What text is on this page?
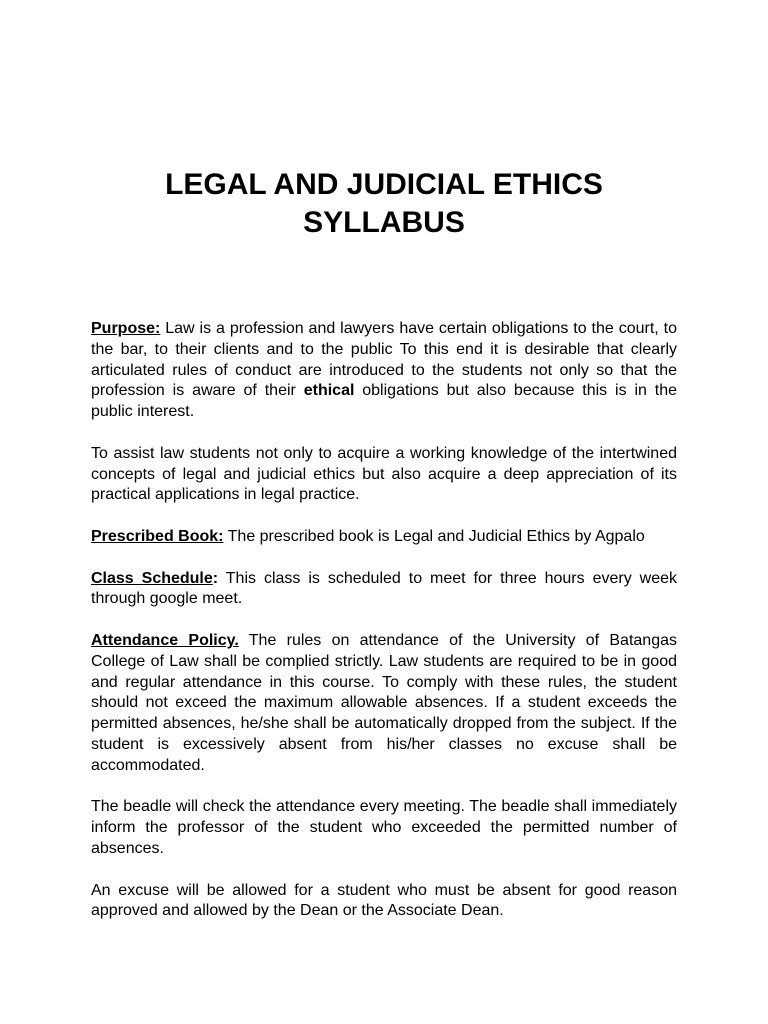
LEGAL AND JUDICIAL ETHICS
SYLLABUS

Purpose: Law is a profession and lawyers have certain obligations to the court, to the bar, to their clients and to the public To this end it is desirable that clearly articulated rules of conduct are introduced to the students not only so that the profession is aware of their ethical obligations but also because this is in the public interest.

To assist law students not only to acquire a working knowledge of the intertwined concepts of legal and judicial ethics but also acquire a deep appreciation of its practical applications in legal practice.

Prescribed Book: The prescribed book is Legal and Judicial Ethics by Agpalo

Class Schedule: This class is scheduled to meet for three hours every week through google meet.

Attendance Policy. The rules on attendance of the University of Batangas College of Law shall be complied strictly. Law students are required to be in good and regular attendance in this course. To comply with these rules, the student should not exceed the maximum allowable absences. If a student exceeds the permitted absences, he/she shall be automatically dropped from the subject. If the student is excessively absent from his/her classes no excuse shall be accommodated.

The beadle will check the attendance every meeting. The beadle shall immediately inform the professor of the student who exceeded the permitted number of absences.

An excuse will be allowed for a student who must be absent for good reason approved and allowed by the Dean or the Associate Dean.
